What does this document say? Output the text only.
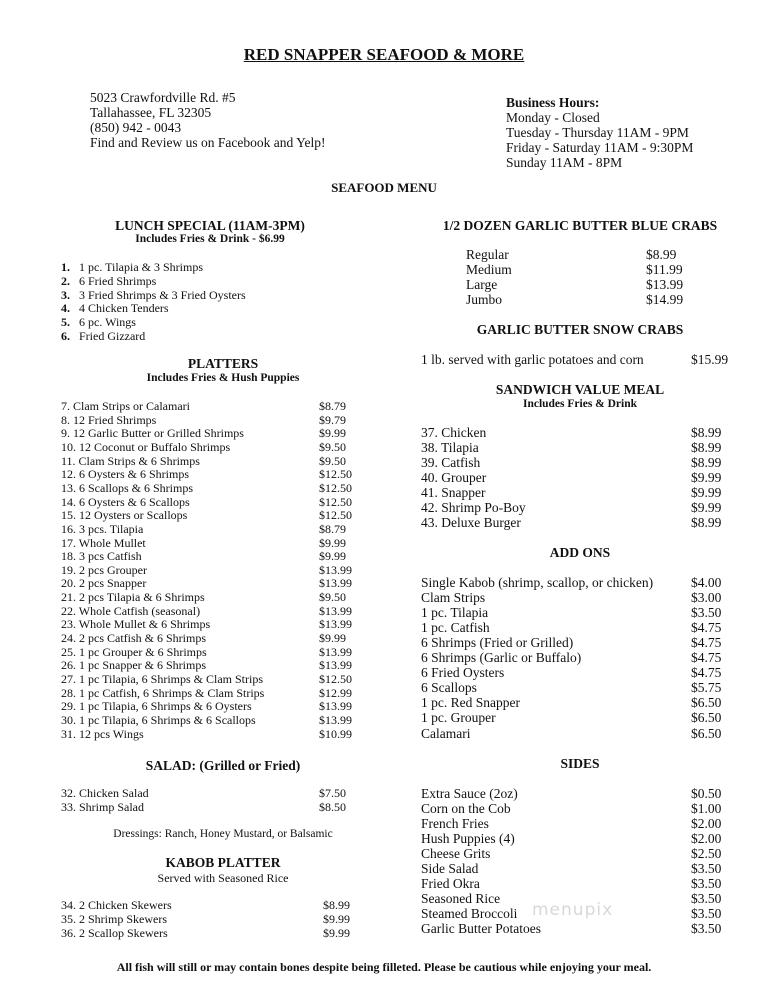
RED SNAPPER SEAFOOD & MORE
5023 Crawfordville Rd. #5
Tallahassee, FL 32305
(850) 942 - 0043
Find and Review us on Facebook and Yelp!
Business Hours:
Monday - Closed
Tuesday - Thursday 11AM - 9PM
Friday - Saturday 11AM - 9:30PM
Sunday 11AM - 8PM
SEAFOOD MENU
LUNCH SPECIAL (11AM-3PM)
Includes Fries & Drink - $6.99
1. 1 pc. Tilapia & 3 Shrimps
2. 6 Fried Shrimps
3. 3 Fried Shrimps & 3 Fried Oysters
4. 4 Chicken Tenders
5. 6 pc. Wings
6. Fried Gizzard
PLATTERS
Includes Fries & Hush Puppies
7. Clam Strips or Calamari	$8.79
8. 12 Fried Shrimps	$9.79
9. 12 Garlic Butter or Grilled Shrimps	$9.99
10. 12 Coconut or Buffalo Shrimps	$9.50
11. Clam Strips & 6 Shrimps	$9.50
12. 6 Oysters & 6 Shrimps	$12.50
13. 6 Scallops & 6 Shrimps	$12.50
14. 6 Oysters & 6 Scallops	$12.50
15. 12 Oysters or Scallops	$12.50
16. 3 pcs. Tilapia	$8.79
17. Whole Mullet	$9.99
18. 3 pcs Catfish	$9.99
19. 2 pcs Grouper	$13.99
20. 2 pcs Snapper	$13.99
21. 2 pcs Tilapia & 6 Shrimps	$9.50
22. Whole Catfish (seasonal)	$13.99
23. Whole Mullet & 6 Shrimps	$13.99
24. 2 pcs Catfish & 6 Shrimps	$9.99
25. 1 pc Grouper & 6 Shrimps	$13.99
26. 1 pc Snapper & 6 Shrimps	$13.99
27. 1 pc Tilapia, 6 Shrimps & Clam Strips	$12.50
28. 1 pc Catfish, 6 Shrimps & Clam Strips	$12.99
29. 1 pc Tilapia, 6 Shrimps & 6 Oysters	$13.99
30. 1 pc Tilapia, 6 Shrimps & 6 Scallops	$13.99
31. 12 pcs Wings	$10.99
SALAD: (Grilled or Fried)
32. Chicken Salad	$7.50
33. Shrimp Salad	$8.50
Dressings: Ranch, Honey Mustard, or Balsamic
KABOB PLATTER
Served with Seasoned Rice
34. 2 Chicken Skewers	$8.99
35. 2 Shrimp Skewers	$9.99
36. 2 Scallop Skewers	$9.99
1/2 DOZEN GARLIC BUTTER BLUE CRABS
Regular	$8.99
Medium	$11.99
Large	$13.99
Jumbo	$14.99
GARLIC BUTTER SNOW CRABS
1 lb. served with garlic potatoes and corn	$15.99
SANDWICH VALUE MEAL
Includes Fries & Drink
37. Chicken	$8.99
38. Tilapia	$8.99
39. Catfish	$8.99
40. Grouper	$9.99
41. Snapper	$9.99
42. Shrimp Po-Boy	$9.99
43. Deluxe Burger	$8.99
ADD ONS
Single Kabob (shrimp, scallop, or chicken)	$4.00
Clam Strips	$3.00
1 pc. Tilapia	$3.50
1 pc. Catfish	$4.75
6 Shrimps (Fried or Grilled)	$4.75
6 Shrimps (Garlic or Buffalo)	$4.75
6 Fried Oysters	$4.75
6 Scallops	$5.75
1 pc. Red Snapper	$6.50
1 pc. Grouper	$6.50
Calamari	$6.50
SIDES
Extra Sauce (2oz)	$0.50
Corn on the Cob	$1.00
French Fries	$2.00
Hush Puppies (4)	$2.00
Cheese Grits	$2.50
Side Salad	$3.50
Fried Okra	$3.50
Seasoned Rice	$3.50
Steamed Broccoli	$3.50
Garlic Butter Potatoes	$3.50
menupix
All fish will still or may contain bones despite being filleted. Please be cautious while enjoying your meal.
